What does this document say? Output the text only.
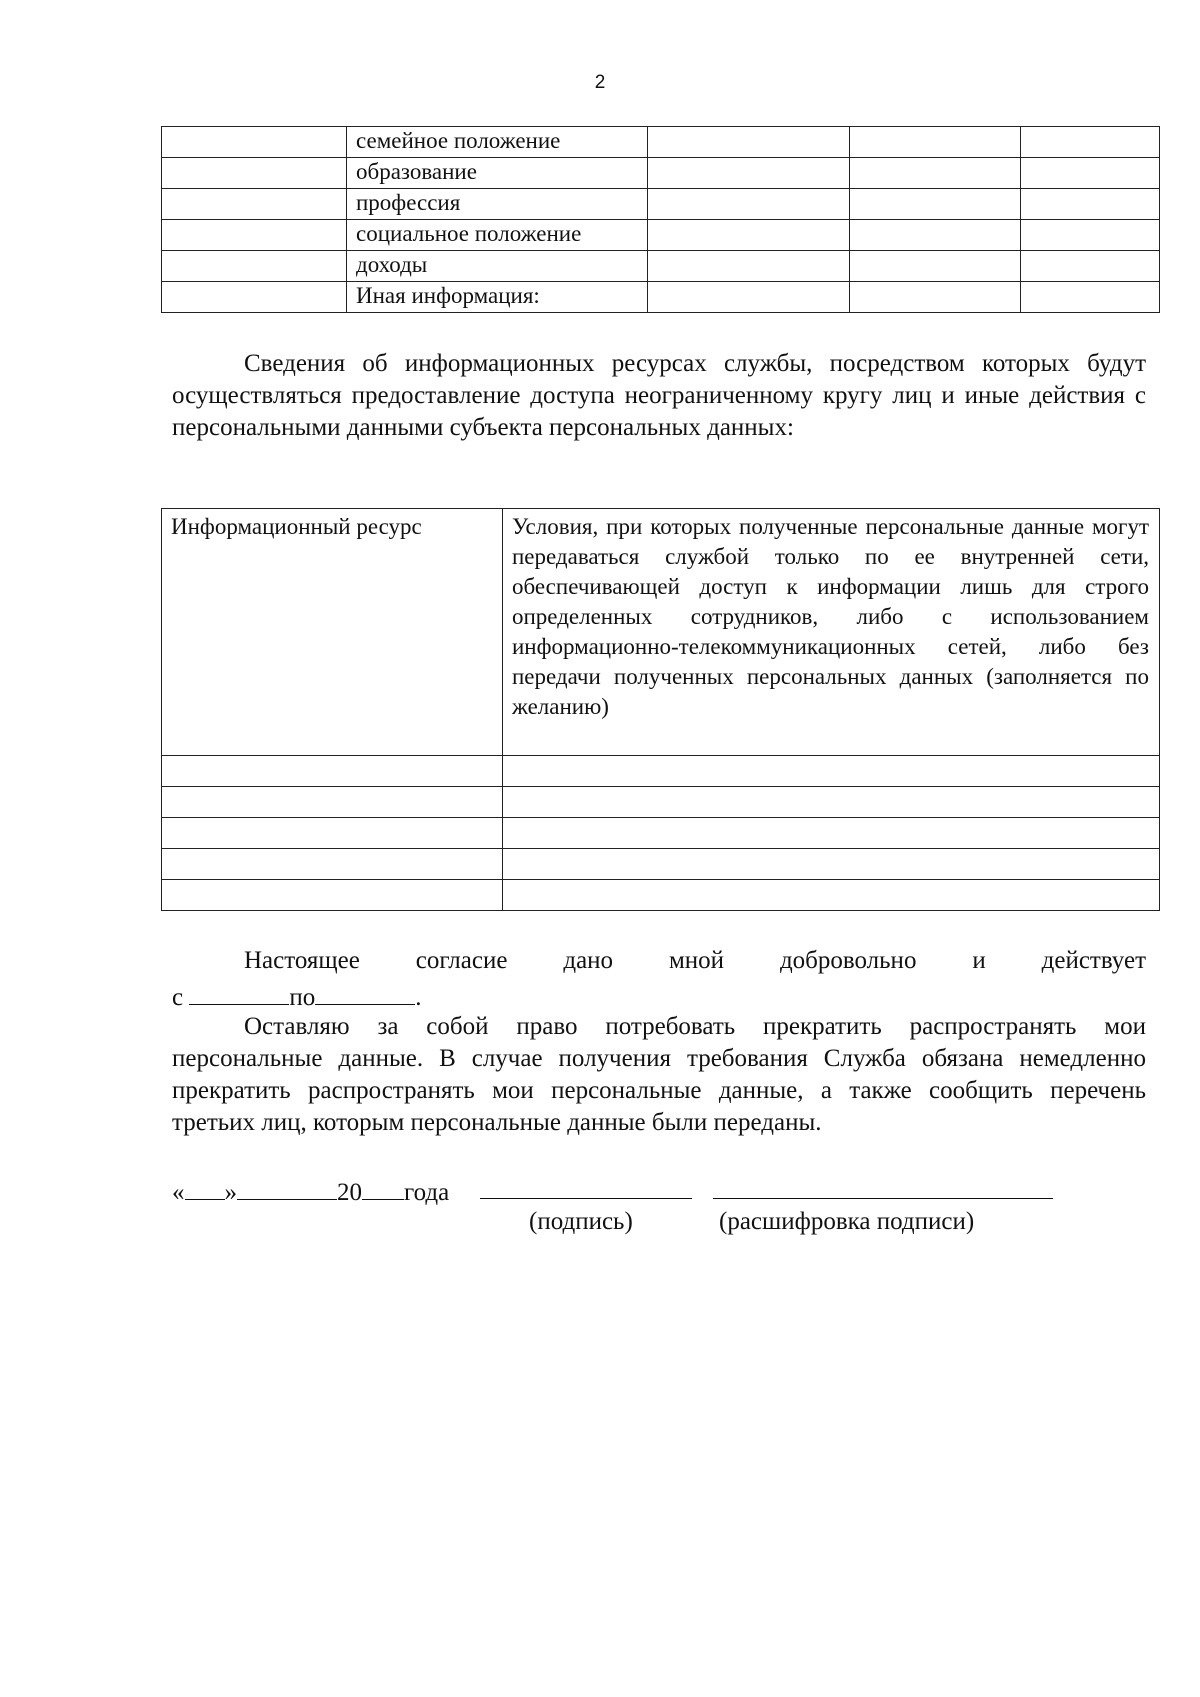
2
	семейное положение			
	образование			
	профессия			
	социальное положение			
	доходы			
	Иная информация:			

Сведения об информационных ресурсах службы, посредством которых будут осуществляться предоставление доступа неограниченному кругу лиц и иные действия с персональными данными субъекта персональных данных:

Информационный ресурс	Условия, при которых полученные персональные данные могут передаваться службой только по ее внутренней сети, обеспечивающей доступ к информации лишь для строго определенных сотрудников, либо с использованием информационно-телекоммуникационных сетей, либо без передачи полученных персональных данных (заполняется по желанию)

Настоящее согласие дано мной добровольно и действует

с	по	.

Оставляю за собой право потребовать прекратить распространять мои персональные данные. В случае получения требования Служба обязана немедленно прекратить распространять мои персональные данные, а также сообщить перечень третьих лиц, которым персональные данные были переданы.

« »	20 года
(подпись)	(расшифровка подписи)
